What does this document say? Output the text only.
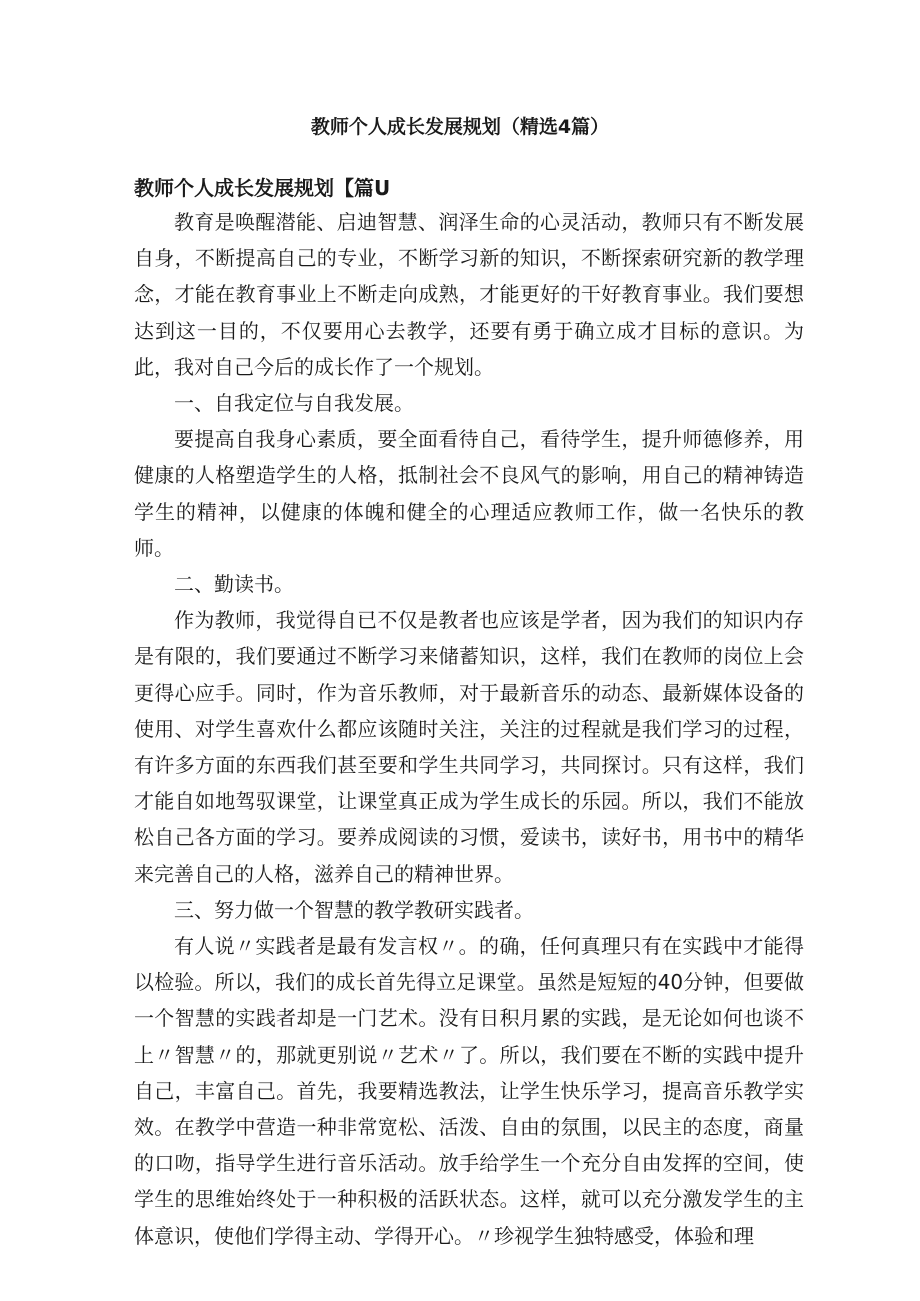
教师个人成长发展规划（精选4篇）
教师个人成长发展规划【篇U

教育是唤醒潜能、启迪智慧、润泽生命的心灵活动，教师只有不断发展自身，不断提高自己的专业，不断学习新的知识，不断探索研究新的教学理念，才能在教育事业上不断走向成熟，才能更好的干好教育事业。我们要想达到这一目的，不仅要用心去教学，还要有勇于确立成才目标的意识。为此，我对自己今后的成长作了一个规划。

一、自我定位与自我发展。

要提高自我身心素质，要全面看待自己，看待学生，提升师德修养，用健康的人格塑造学生的人格，抵制社会不良风气的影响，用自己的精神铸造学生的精神，以健康的体魄和健全的心理适应教师工作，做一名快乐的教师。

二、勤读书。

作为教师，我觉得自已不仅是教者也应该是学者，因为我们的知识内存是有限的，我们要通过不断学习来储蓄知识，这样，我们在教师的岗位上会更得心应手。同时，作为音乐教师，对于最新音乐的动态、最新媒体设备的使用、对学生喜欢什么都应该随时关注，关注的过程就是我们学习的过程，有许多方面的东西我们甚至要和学生共同学习，共同探讨。只有这样，我们才能自如地驾驭课堂，让课堂真正成为学生成长的乐园。所以，我们不能放松自己各方面的学习。要养成阅读的习惯，爱读书，读好书，用书中的精华来完善自己的人格，滋养自己的精神世界。

三、努力做一个智慧的教学教研实践者。

有人说〃实践者是最有发言权〃。的确，任何真理只有在实践中才能得以检验。所以，我们的成长首先得立足课堂。虽然是短短的40分钟，但要做一个智慧的实践者却是一门艺术。没有日积月累的实践，是无论如何也谈不上〃智慧〃的，那就更别说〃艺术〃了。所以，我们要在不断的实践中提升自己，丰富自己。首先，我要精选教法，让学生快乐学习，提高音乐教学实效。在教学中营造一种非常宽松、活泼、自由的氛围，以民主的态度，商量的口吻，指导学生进行音乐活动。放手给学生一个充分自由发挥的空间，使学生的思维始终处于一种积极的活跃状态。这样，就可以充分激发学生的主体意识，使他们学得主动、学得开心。〃珍视学生独特感受，体验和理
